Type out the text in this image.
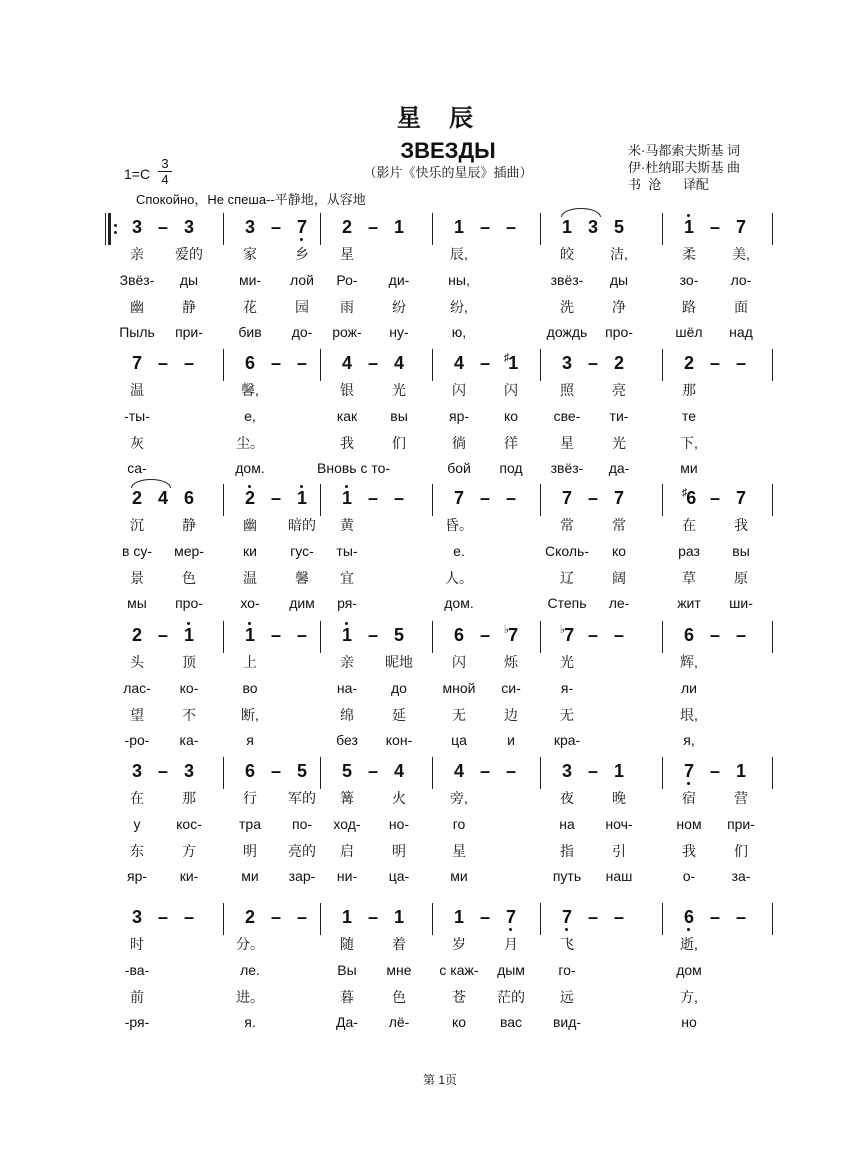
星 辰
ЗВЕЗДЫ
（影片《快乐的星辰》插曲）
1=C
3
4
米·马都索夫斯基 词
伊·杜纳耶夫斯基 曲
书  沧      译配
Спокойно，Не спеша--平静地，从容地
3 – 3
亲	爱的
Звёз-	ды
幽	静
Пыль	при-
3 – 7
家	乡
ми-	лой
花	园
бив	до-
2 – 1
星
Ро-	ди-
雨	纷
рож-	ну-
1 – –
辰,
ны,
纷,
ю,
1 3 5
皎	洁,
звёз-	ды
洗	净
дождь	про-
1 – 7
柔	美,
зо-	ло-
路	面
шёл	над
7 – –
温
-ты-
灰
са-
6 – –
馨,
е,
尘。
дом.
4 – 4
银	光
как	вы
我	们
Вновь с то-
4 –	♯1
闪	闪
яр-	ко
徜	徉
бой	под
3 – 2
照	亮
све-	ти-
星	光
звёз-	да-
2 – –
那
те
下,
ми
2 4 6
沉	静
в су-	мер-
景	色
мы	про-
2 – 1
幽	暗的
ки	гус-
温	馨
хо-	дим
1 – –
黄
ты-
宜
ря-
7 – –
昏。
е.
人。
дом.
7 – 7
常	常
Сколь-	ко
辽	阔
Степь	ле-
♯6 – 7
在	我
раз	вы
草	原
жит	ши-
2 – 1
头	顶
лас-	ко-
望	不
-ро-	ка-
1 – –
上
во
断,
я
1 – 5
亲	昵地
на-	до
绵	延
без	кон-
6 –	♭7
闪	烁
мной	си-
无	边
ца	и
♭7 – –
光
я-
无
кра-
6 – –
辉,
ли
垠,
я,
3 – 3
在	那
у	кос-
东	方
яр-	ки-
6 – 5
行	军的
тра	по-
明	亮的
ми	зар-
5 – 4
篝	火
ход-	но-
启	明
ни-	ца-
4 – –
旁,
го
星
ми
3 – 1
夜	晚
на	ноч-
指	引
путь	наш
7 – 1
宿	营
ном	при-
我	们
о-	за-
3 – –
时
-ва-
前
-ря-
2 – –
分。
ле.
进。
я.
1 – 1
随	着
Вы	мне
暮	色
Да-	лё-
1 – 7
岁	月
с каж-	дым
苍	茫的
ко	вас
7 – –
飞
го-
远
вид-
6 – –
逝,
дом
方,
но
第 1页
